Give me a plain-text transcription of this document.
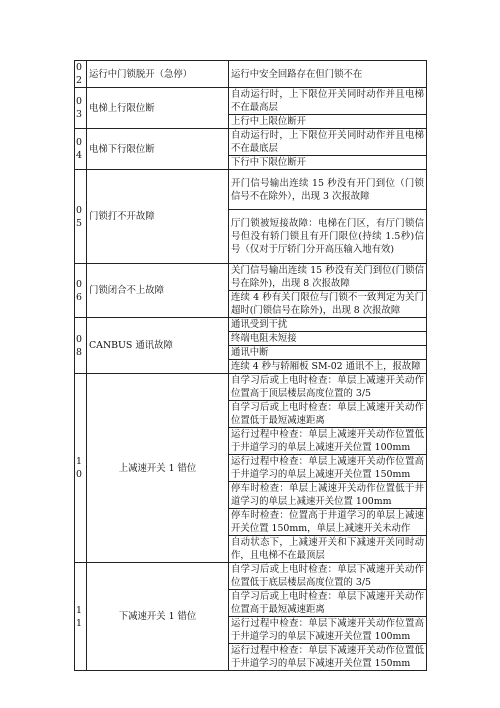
02	运行中门锁脱开（急停）	运行中安全回路存在但门锁不在
03	电梯上行限位断	自动运行时，上下限位开关同时动作并且电梯不在最高层
		上行中上限位断开
04	电梯下行限位断	自动运行时，上下限位开关同时动作并且电梯不在最底层
		下行中下限位断开
05	门锁打不开故障	开门信号输出连续 15 秒没有开门到位（门锁信号不在除外），出现 3 次报故障
		厅门锁被短接故障：电梯在门区，有厅门锁信号但没有轿门锁且有开门限位(持续 1.5秒)信号（仅对于厅轿门分开高压输入地有效)
06	门锁闭合不上故障	关门信号输出连续 15 秒没有关门到位(门锁信号在除外)，出现 8 次报故障
		连续 4 秒有关门限位与门锁不一致判定为关门超时(门锁信号在除外)，出现 8 次报故障
08	CANBUS 通讯故障	通讯受到干扰
		终端电阻未短接
		通讯中断
		连续 4 秒与轿厢板 SM-02 通讯不上，报故障
10	上减速开关 1 错位	自学习后或上电时检查：单层上减速开关动作位置高于顶层楼层高度位置的 3/5
		自学习后或上电时检查：单层上减速开关动作位置低于最短减速距离
		运行过程中检查：单层上减速开关动作位置低于井道学习的单层上减速开关位置 100mm
		运行过程中检查：单层上减速开关动作位置高于井道学习的单层上减速开关位置 150mm
		停车时检查：单层上减速开关动作位置低于井道学习的单层上减速开关位置 100mm
		停车时检查：位置高于井道学习的单层上减速开关位置 150mm，单层上减速开关未动作
		自动状态下，上减速开关和下减速开关同时动作，且电梯不在最顶层
11	下减速开关 1 错位	自学习后或上电时检查：单层下减速开关动作位置低于底层楼层高度位置的 3/5
		自学习后或上电时检查：单层下减速开关动作位置高于最短减速距离
		运行过程中检查：单层下减速开关动作位置高于井道学习的单层下减速开关位置 100mm
		运行过程中检查：单层下减速开关动作位置低于井道学习的单层下减速开关位置 150mm
